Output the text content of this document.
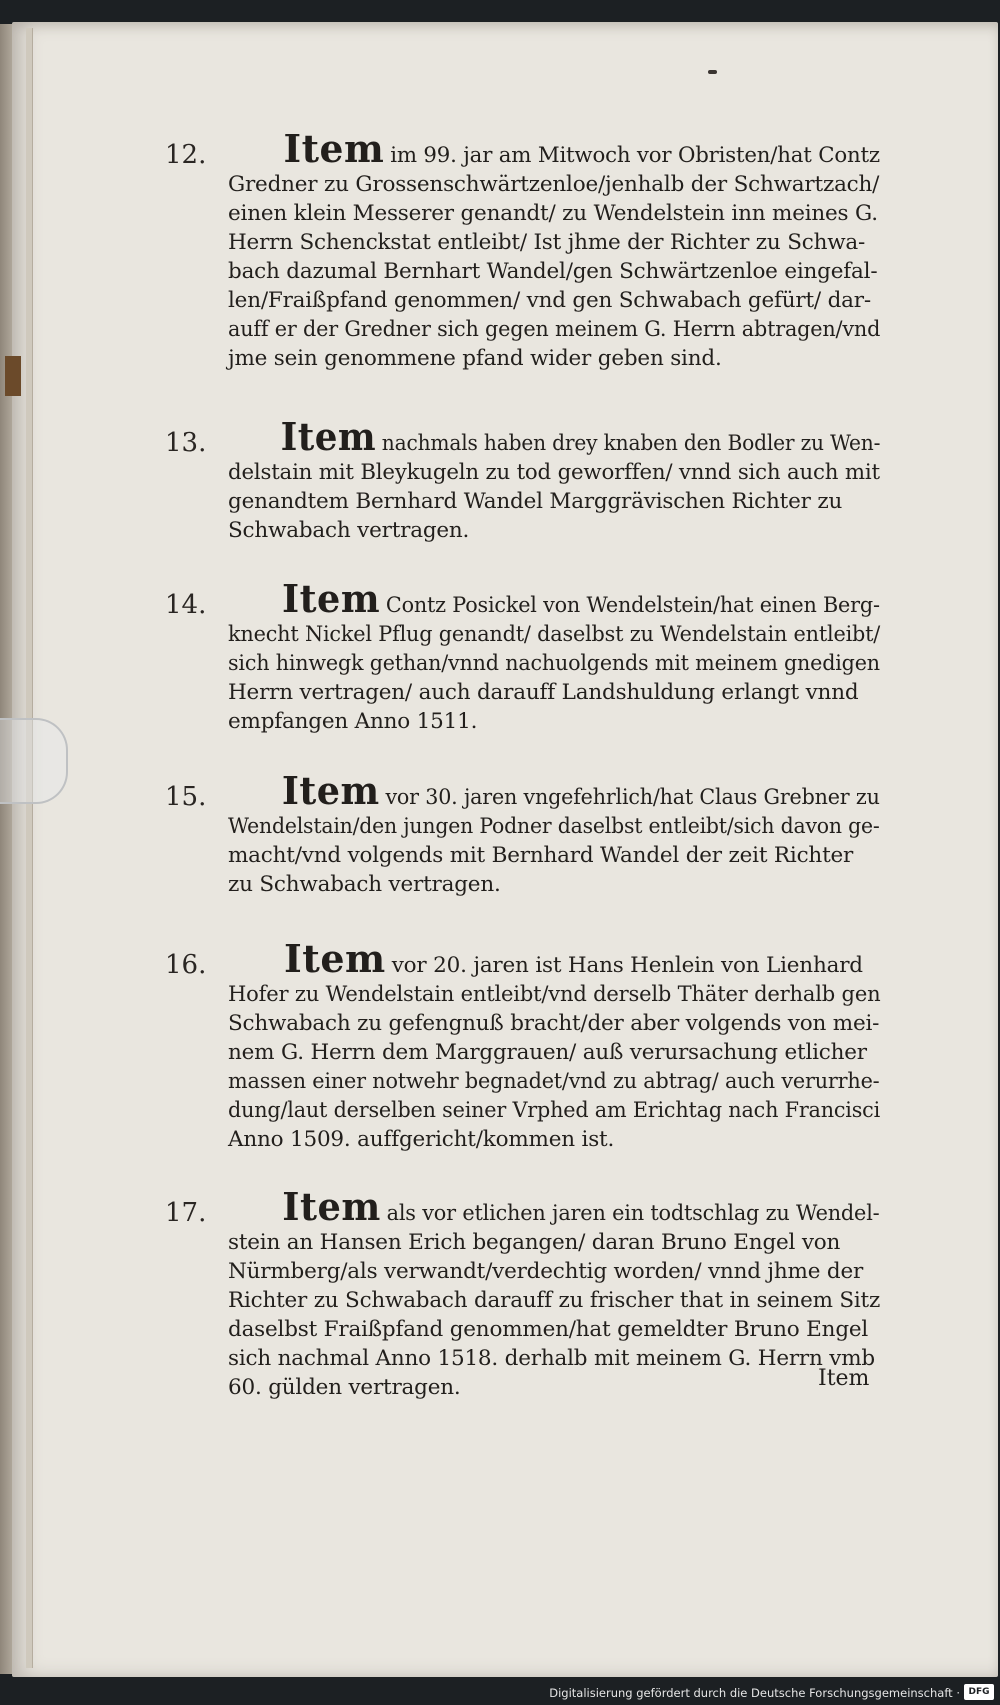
12.	Item im 99. jar am Mitwoch vor Obristen/hat Contz
Gredner zu Grossenschwärtzenloe/jenhalb der Schwartzach/
einen klein Messerer genandt/ zu Wendelstein inn meines G.
Herrn Schenckstat entleibt/ Ist jhme der Richter zu Schwa-
bach dazumal Bernhart Wandel/gen Schwärtzenloe eingefal-
len/Fraißpfand genommen/ vnd gen Schwabach gefürt/ dar-
auff er der Gredner sich gegen meinem G. Herrn abtragen/vnd
jme sein genommene pfand wider geben sind.
13.	Item nachmals haben drey knaben den Bodler zu Wen-
delstain mit Bleykugeln zu tod geworffen/ vnnd sich auch mit
genandtem Bernhard Wandel Marggrävischen Richter zu
Schwabach vertragen.
14.	Item Contz Posickel von Wendelstein/hat einen Berg-
knecht Nickel Pflug genandt/ daselbst zu Wendelstain entleibt/
sich hinwegk gethan/vnnd nachuolgends mit meinem gnedigen
Herrn vertragen/ auch darauff Landshuldung erlangt vnnd
empfangen Anno 1511.
15.	Item vor 30. jaren vngefehrlich/hat Claus Grebner zu
Wendelstain/den jungen Podner daselbst entleibt/sich davon ge-
macht/vnd volgends mit Bernhard Wandel der zeit Richter
zu Schwabach vertragen.
16.	Item vor 20. jaren ist Hans Henlein von Lienhard
Hofer zu Wendelstain entleibt/vnd derselb Thäter derhalb gen
Schwabach zu gefengnuß bracht/der aber volgends von mei-
nem G. Herrn dem Marggrauen/ auß verursachung etlicher
massen einer notwehr begnadet/vnd zu abtrag/ auch verurrhe-
dung/laut derselben seiner Vrphed am Erichtag nach Francisci
Anno 1509. auffgericht/kommen ist.
17.	Item als vor etlichen jaren ein todtschlag zu Wendel-
stein an Hansen Erich begangen/ daran Bruno Engel von
Nürmberg/als verwandt/verdechtig worden/ vnnd jhme der
Richter zu Schwabach darauff zu frischer that in seinem Sitz
daselbst Fraißpfand genommen/hat gemeldter Bruno Engel
sich nachmal Anno 1518. derhalb mit meinem G. Herrn vmb
60. gülden vertragen.	Item
Digitalisierung gefördert durch die Deutsche Forschungsgemeinschaft · DFG
